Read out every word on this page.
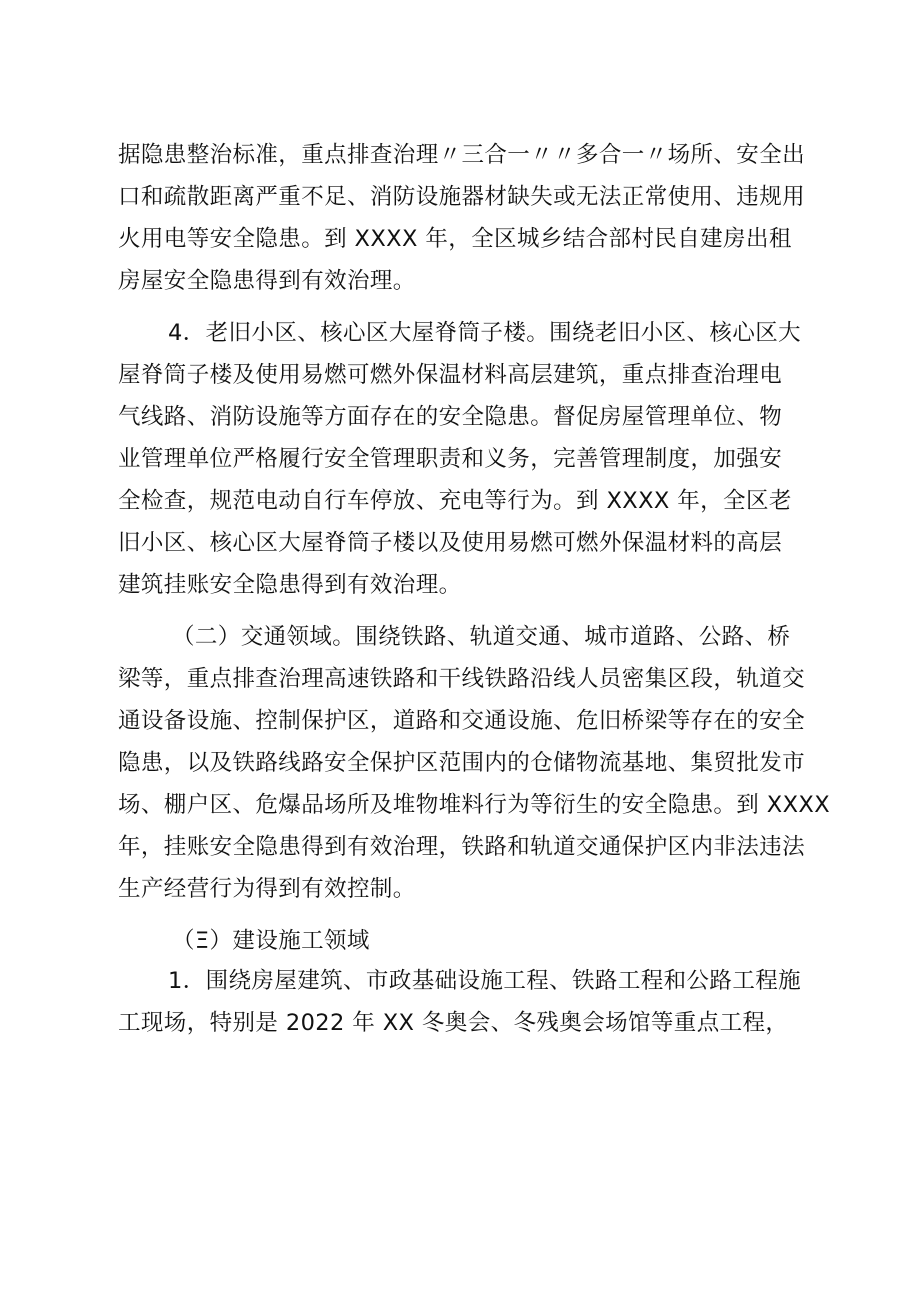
据隐患整治标准，重点排查治理〃三合一〃〃多合一〃场所、安全出
口和疏散距离严重不足、消防设施器材缺失或无法正常使用、违规用
火用电等安全隐患。到 XXXX 年，全区城乡结合部村民自建房出租
房屋安全隐患得到有效治理。
4．老旧小区、核心区大屋脊筒子楼。围绕老旧小区、核心区大
屋脊筒子楼及使用易燃可燃外保温材料高层建筑，重点排查治理电
气线路、消防设施等方面存在的安全隐患。督促房屋管理单位、物
业管理单位严格履行安全管理职责和义务，完善管理制度，加强安
全检查，规范电动自行车停放、充电等行为。到 XXXX 年，全区老
旧小区、核心区大屋脊筒子楼以及使用易燃可燃外保温材料的高层
建筑挂账安全隐患得到有效治理。
（二）交通领域。围绕铁路、轨道交通、城市道路、公路、桥
梁等，重点排查治理高速铁路和干线铁路沿线人员密集区段，轨道交
通设备设施、控制保护区，道路和交通设施、危旧桥梁等存在的安全
隐患，以及铁路线路安全保护区范围内的仓储物流基地、集贸批发市
场、棚户区、危爆品场所及堆物堆料行为等衍生的安全隐患。到 XXXX
年，挂账安全隐患得到有效治理，铁路和轨道交通保护区内非法违法
生产经营行为得到有效控制。
（Ξ）建设施工领域
1．围绕房屋建筑、市政基础设施工程、铁路工程和公路工程施
工现场，特别是 2022 年 XX 冬奥会、冬残奥会场馆等重点工程，
